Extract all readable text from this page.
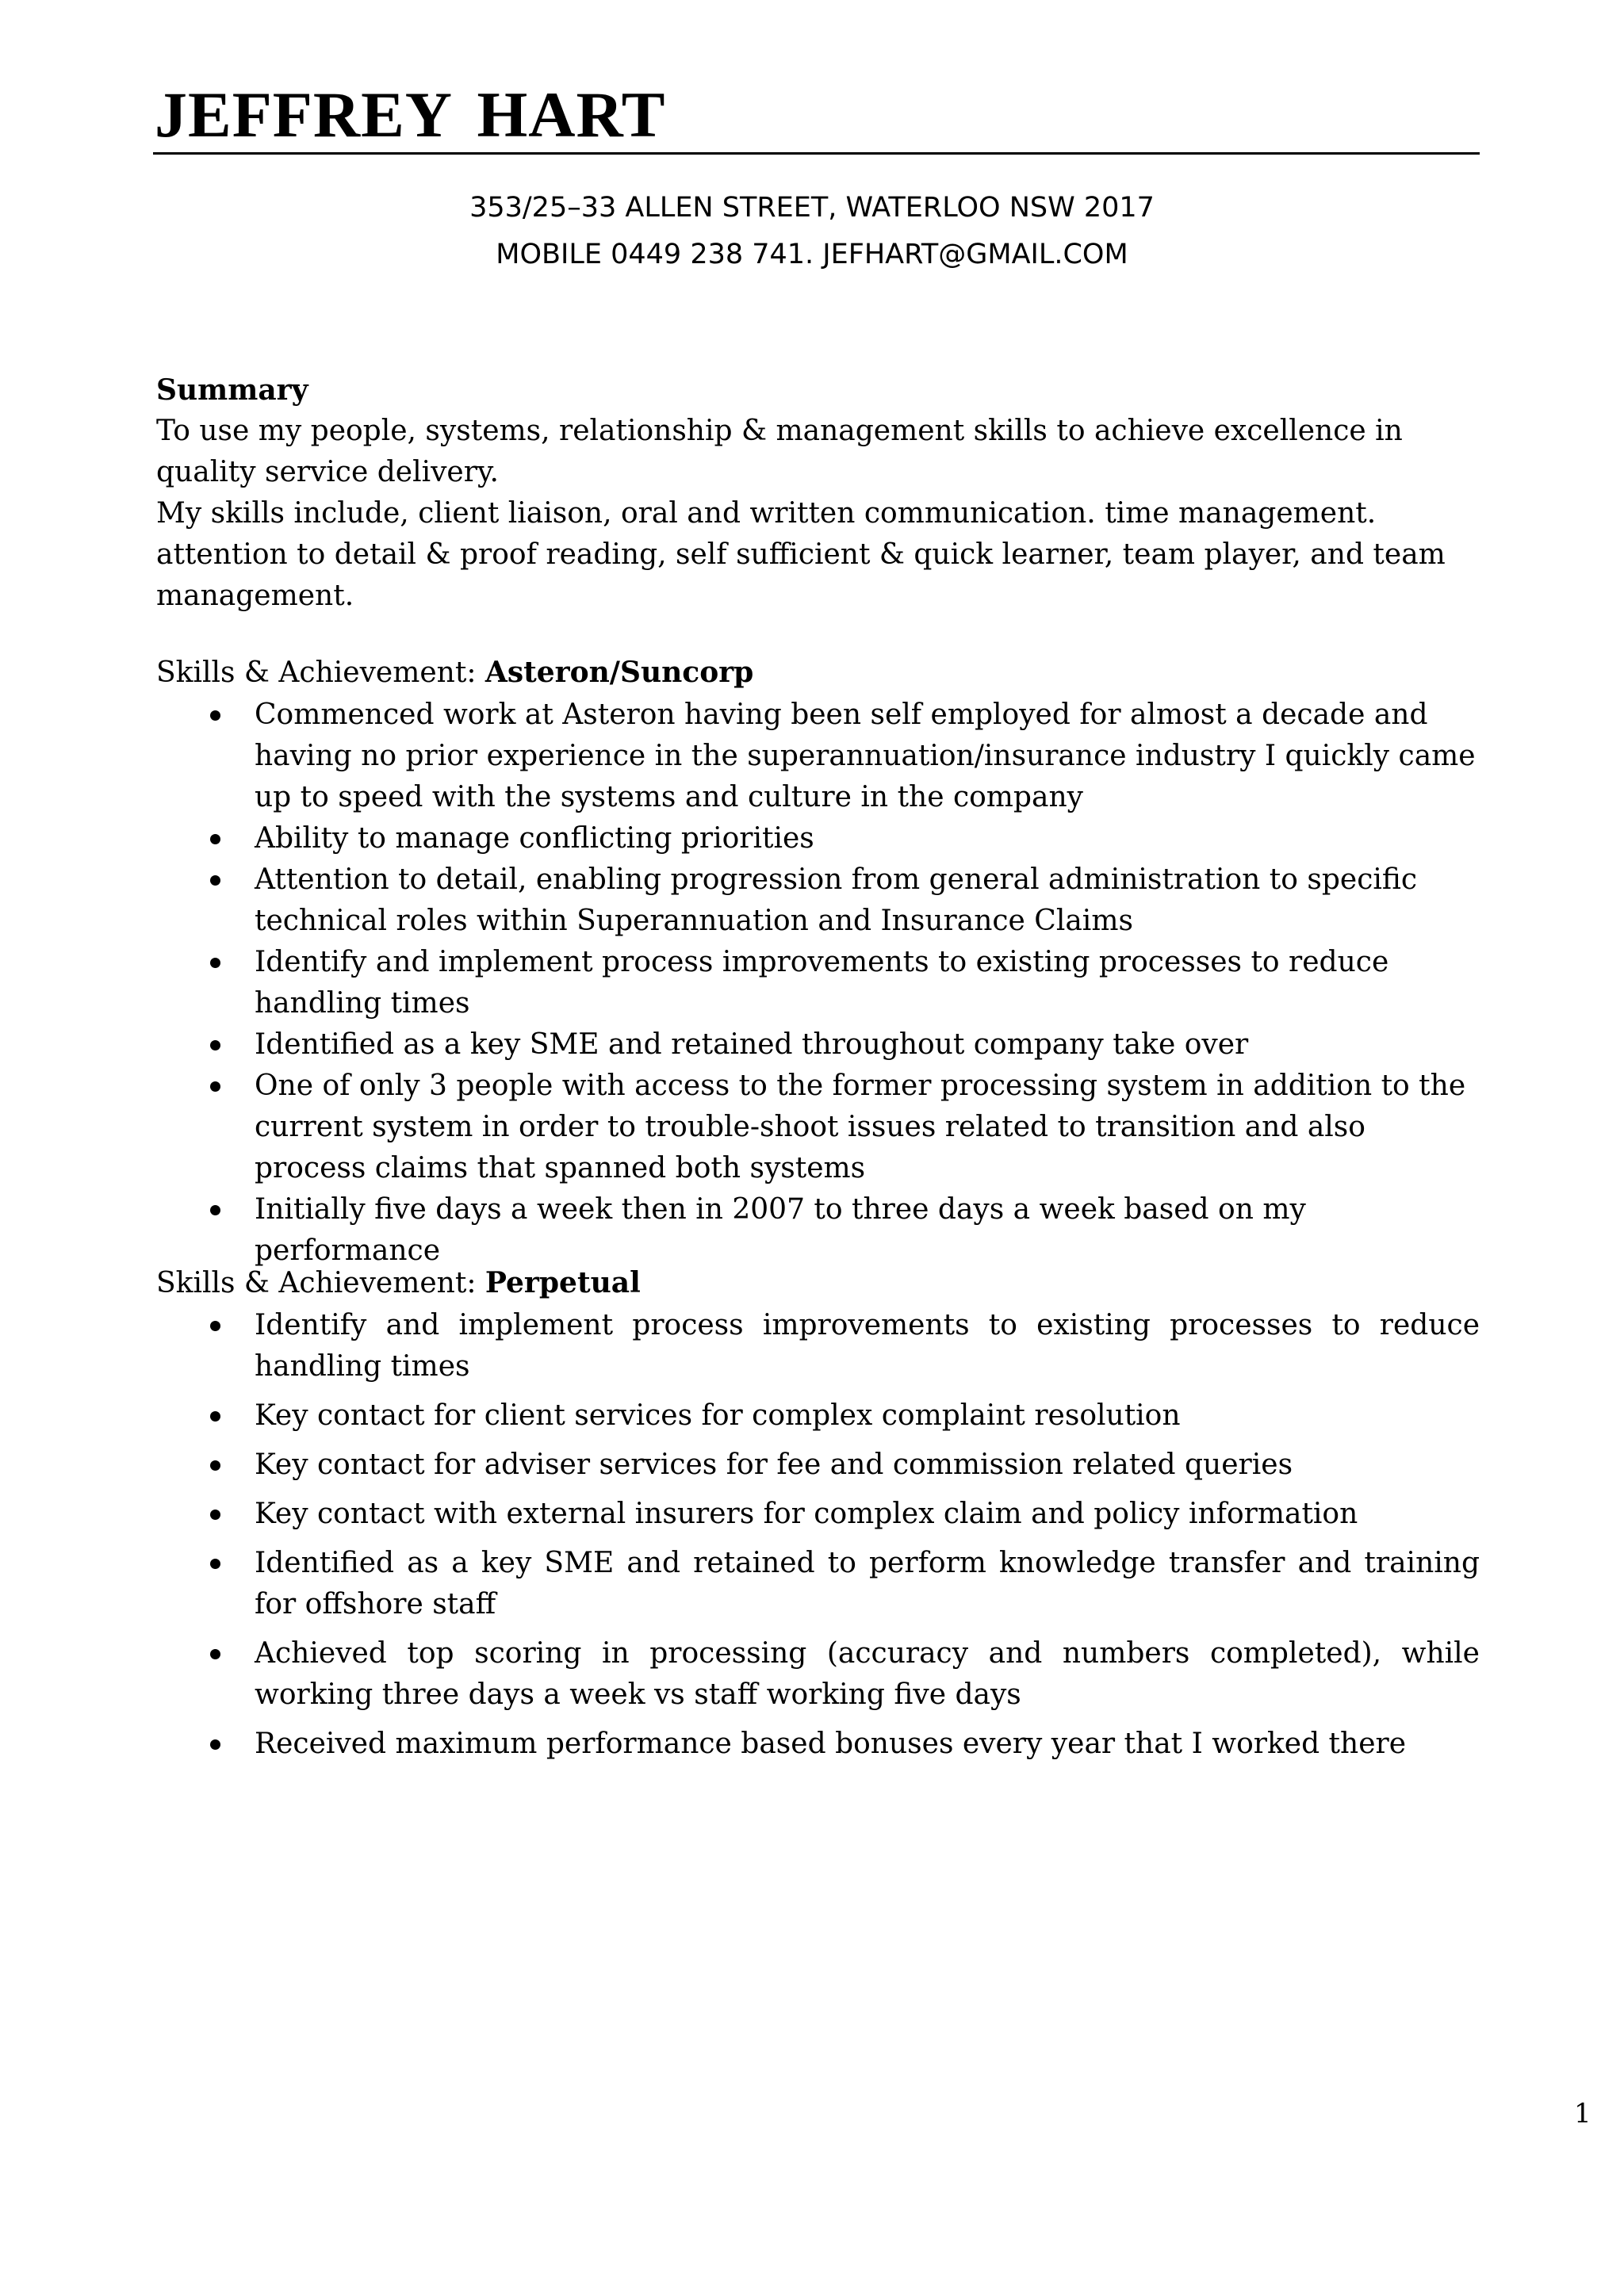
JEFFREY HART
353/25–33 ALLEN STREET, WATERLOO NSW 2017
MOBILE 0449 238 741. JEFHART@GMAIL.COM

Summary

To use my people, systems, relationship & management skills to achieve excellence in quality service delivery.

My skills include, client liaison, oral and written communication. time management. attention to detail & proof reading, self sufficient & quick learner, team player, and team management.

Skills & Achievement: Asteron/Suncorp
Commenced work at Asteron having been self employed for almost a decade and having no prior experience in the superannuation/insurance industry I quickly came up to speed with the systems and culture in the company
Ability to manage conflicting priorities
Attention to detail, enabling progression from general administration to specific technical roles within Superannuation and Insurance Claims
Identify and implement process improvements to existing processes to reduce handling times
Identified as a key SME and retained throughout company take over
One of only 3 people with access to the former processing system in addition to the current system in order to trouble-shoot issues related to transition and also process claims that spanned both systems
Initially five days a week then in 2007 to three days a week based on my performance
Skills & Achievement: Perpetual
Identify and implement process improvements to existing processes to reduce handling times
Key contact for client services for complex complaint resolution
Key contact for adviser services for fee and commission related queries
Key contact with external insurers for complex claim and policy information
Identified as a key SME and retained to perform knowledge transfer and training for offshore staff
Achieved top scoring in processing (accuracy and numbers completed), while working three days a week vs staff working five days
Received maximum performance based bonuses every year that I worked there
1
